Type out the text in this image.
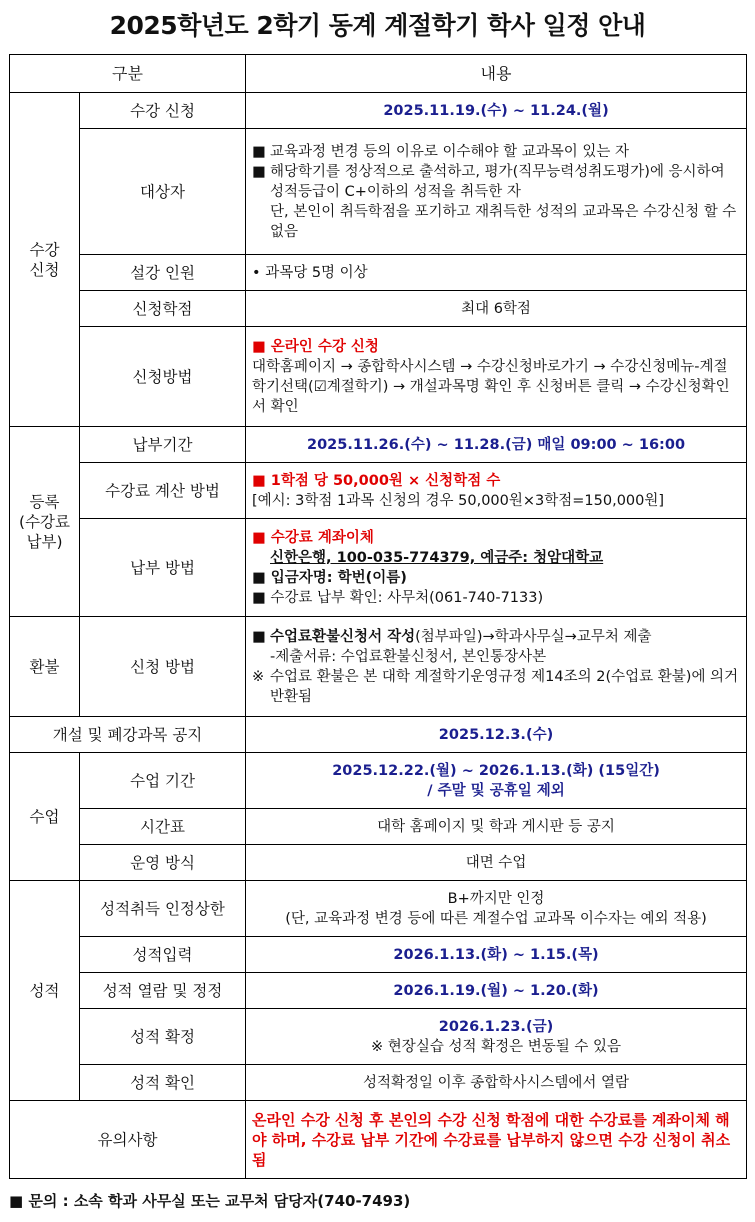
2025학년도 2학기 동계 계절학기 학사 일정 안내
구분		내용
수강
신청	수강 신청	2025.11.19.(수) ~ 11.24.(월)
	대상자	■ 교육과정 변경 등의 이유로 이수해야 할 교과목이 있는 자
■ 해당학기를 정상적으로 출석하고, 평가(직무능력성취도평가)에 응시하여 성적등급이 C+이하의 성적을 취득한 자
단, 본인이 취득학점을 포기하고 재취득한 성적의 교과목은 수강신청 할 수 없음

	설강 인원	• 과목당 5명 이상
	신청학점	최대 6학점
	신청방법	■ 온라인 수강 신청
대학홈페이지 → 종합학사시스템 → 수강신청바로가기 → 수강신청메뉴-계절학기선택(☑계절학기) → 개설과목명 확인 후 신청버튼 클릭 → 수강신청확인서 확인

등록
(수강료
납부)	납부기간	2025.11.26.(수) ~ 11.28.(금) 매일 09:00 ~ 16:00
	수강료 계산 방법	■ 1학점 당 50,000원 × 신청학점 수
[예시: 3학점 1과목 신청의 경우 50,000원×3학점=150,000원]

	납부 방법	■ 수강료 계좌이체
신한은행, 100-035-774379, 예금주: 청암대학교
■ 입금자명: 학번(이름)
■ 수강료 납부 확인: 사무처(061-740-7133)

환불	신청 방법	■ 수업료환불신청서 작성(첨부파일)→학과사무실→교무처 제출
-제출서류: 수업료환불신청서, 본인통장사본
※ 수업료 환불은 본 대학 계절학기운영규정 제14조의 2(수업료 환불)에 의거 반환됨

개설 및 폐강과목 공지		2025.12.3.(수)
수업	수업 기간	2025.12.22.(월) ~ 2026.1.13.(화) (15일간)
/ 주말 및 공휴일 제외

	시간표	대학 홈페이지 및 학과 게시판 등 공지
	운영 방식	대면 수업
성적	성적취득 인정상한	B+까지만 인정
(단, 교육과정 변경 등에 따른 계절수업 교과목 이수자는 예외 적용)

	성적입력	2026.1.13.(화) ~ 1.15.(목)
	성적 열람 및 정정	2026.1.19.(월) ~ 1.20.(화)
	성적 확정	2026.1.23.(금)
※ 현장실습 성적 확정은 변동될 수 있음

	성적 확인	성적확정일 이후 종합학사시스템에서 열람
유의사항		온라인 수강 신청 후 본인의 수강 신청 학점에 대한 수강료를 계좌이체 해야 하며, 수강료 납부 기간에 수강료를 납부하지 않으면 수강 신청이 취소 됨
■ 문의 : 소속 학과 사무실 또는 교무처 담당자(740-7493)
